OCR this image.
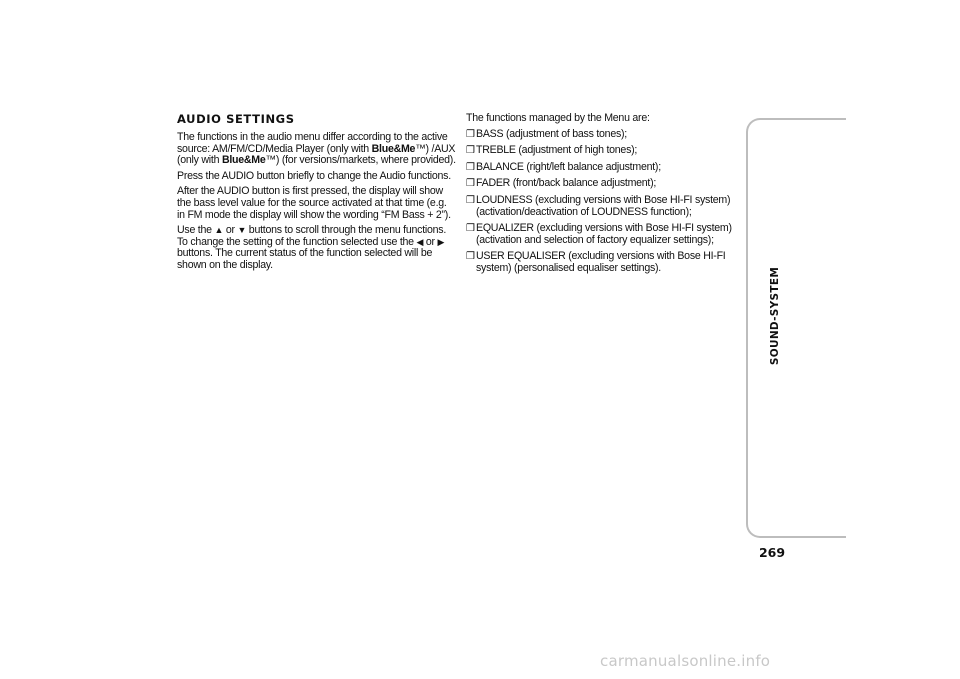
AUDIO SETTINGS

The functions in the audio menu differ according to the active source: AM/FM/CD/Media Player (only with Blue&Me™) /AUX (only with Blue&Me™) (for versions/markets, where provided).

Press the AUDIO button briefly to change the Audio functions.

After the AUDIO button is first pressed, the display will show the bass level value for the source activated at that time (e.g. in FM mode the display will show the wording “FM Bass + 2”).

Use the ▲ or ▼ buttons to scroll through the menu functions. To change the setting of the function selected use the ◀ or ▶ buttons. The current status of the function selected will be shown on the display.

The functions managed by the Menu are:

❒ BASS (adjustment of bass tones);
❒ TREBLE (adjustment of high tones);
❒ BALANCE (right/left balance adjustment);
❒ FADER (front/back balance adjustment);
❒ LOUDNESS (excluding versions with Bose HI-FI system) (activation/deactivation of LOUDNESS function);
❒ EQUALIZER (excluding versions with Bose HI-FI system) (activation and selection of factory equalizer settings);
❒ USER EQUALISER (excluding versions with Bose HI-FI system) (personalised equaliser settings).	SOUND-SYSTEM
269
carmanualsonline.info
